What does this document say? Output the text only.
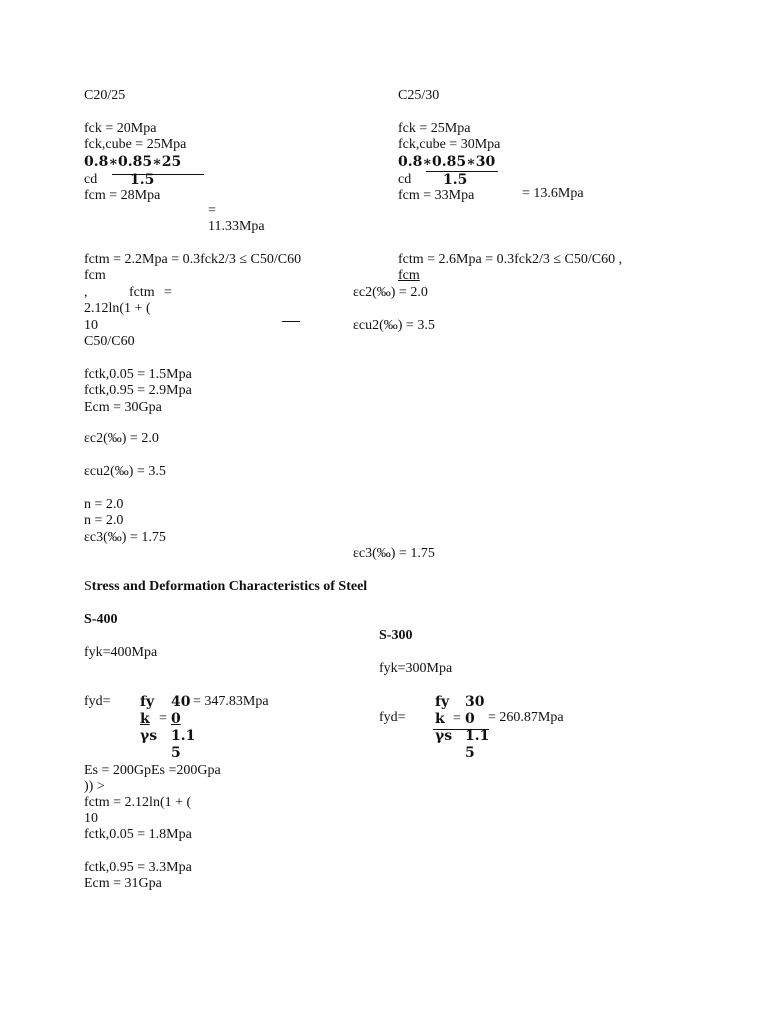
C20/25
fck = 20Mpa
fck,cube = 25Mpa
0.8∗0.85∗25
cd 1.5
fcm = 28Mpa
=
11.33Mpa
fctm = 2.2Mpa = 0.3fck2/3 ≤ C50/C60
fcm
,	fctm =
2.12ln(1 + (
10
C50/C60
fctk,0.05 = 1.5Mpa
fctk,0.95 = 2.9Mpa
Ecm = 30Gpa
εc2(‰) = 2.0
εcu2(‰) = 3.5
n = 2.0
n = 2.0
εc3(‰) = 1.75
C25/30
fck = 25Mpa
fck,cube = 30Mpa
0.8∗0.85∗30
cd 1.5
fcm = 33Mpa	= 13.6Mpa
fctm = 2.6Mpa = 0.3fck2/3 ≤ C50/C60 ,
fcm
εc2(‰) = 2.0
εcu2(‰) = 3.5
εc3(‰) = 1.75
Stress and Deformation Characteristics of Steel
S-400
fyk=400Mpa
fyd= fy 40 = 347.83Mpa
k = 0
γs 1.1
5
Es = 200GpEs =200Gpa
)) >
fctm = 2.12ln(1 + (
10
fctk,0.05 = 1.8Mpa
fctk,0.95 = 3.3Mpa
Ecm = 31Gpa
S-300
fyk=300Mpa
fy 30
fyd= k = 0 = 260.87Mpa
γs 1.1
5
